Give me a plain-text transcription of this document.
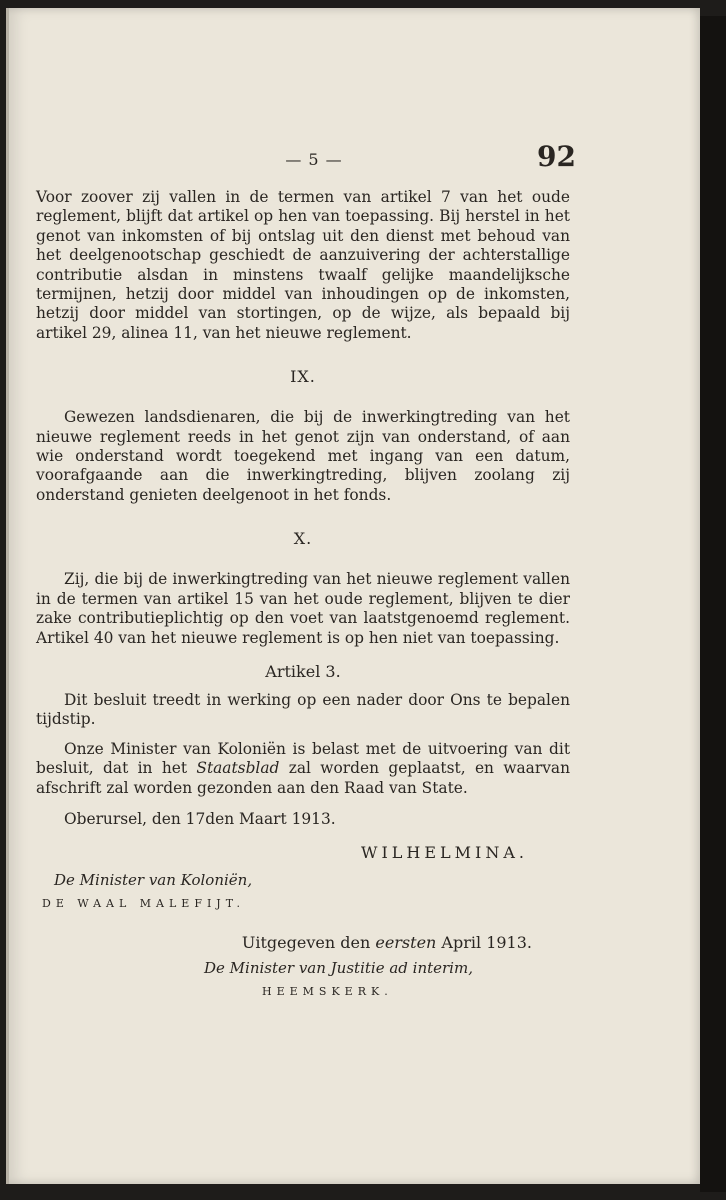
— 5 —	92

Voor zoover zij vallen in de termen van artikel 7 van het oude reglement, blijft dat artikel op hen van toepassing. Bij herstel in het genot van inkomsten of bij ontslag uit den dienst met behoud van het deelgenootschap geschiedt de aanzuivering der achterstallige contributie alsdan in minstens twaalf gelijke maandelijksche termijnen, hetzij door middel van inhoudingen op de inkomsten, hetzij door middel van stortingen, op de wijze, als bepaald bij artikel 29, alinea 11, van het nieuwe reglement.

IX.

Gewezen landsdienaren, die bij de inwerkingtreding van het nieuwe reglement reeds in het genot zijn van onderstand, of aan wie onderstand wordt toegekend met ingang van een datum, voorafgaande aan die inwerkingtreding, blijven zoolang zij onderstand genieten deelgenoot in het fonds.

X.

Zij, die bij de inwerkingtreding van het nieuwe reglement vallen in de termen van artikel 15 van het oude reglement, blijven te dier zake contributieplichtig op den voet van laatstgenoemd reglement. Artikel 40 van het nieuwe reglement is op hen niet van toepassing.

Artikel 3.

Dit besluit treedt in werking op een nader door Ons te bepalen tijdstip.

Onze Minister van Koloniën is belast met de uitvoering van dit besluit, dat in het Staatsblad zal worden geplaatst, en waarvan afschrift zal worden gezonden aan den Raad van State.

Oberursel, den 17den Maart 1913.

WILHELMINA.
De Minister van Koloniën,
DE WAAL MALEFIJT.
Uitgegeven den eersten April 1913.
De Minister van Justitie ad interim,
HEEMSKERK.
